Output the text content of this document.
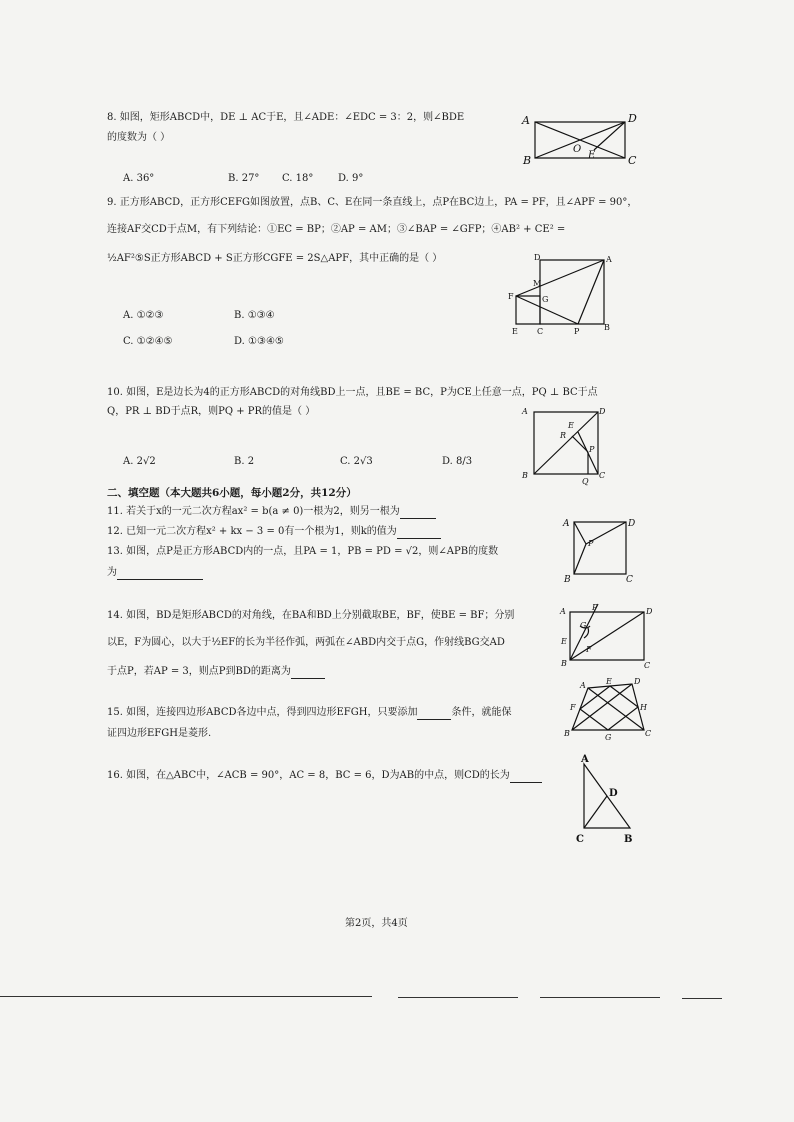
8. 如图，矩形ABCD中，DE ⊥ AC于E，且∠ADE：∠EDC = 3：2，则∠BDE
的度数为（ ）
A. 36°	B. 27° C. 18° D. 9°
A	D
B	C
O
E
9. 正方形ABCD，正方形CEFG如图放置，点B、C、E在同一条直线上，点P在BC边上，PA = PF，且∠APF = 90°，
连接AF交CD于点M，有下列结论：①EC = BP；②AP = AM；③∠BAP = ∠GFP；④AB² + CE² =
½AF²⑤S正方形ABCD + S正方形CGFE = 2S△APF，其中正确的是（ ）
A. ①②③	B. ①③④
C. ①②④⑤	D. ①③④⑤
D	A
M
F	G
E C	P	B
10. 如图，E是边长为4的正方形ABCD的对角线BD上一点，且BE = BC，P为CE上任意一点，PQ ⊥ BC于点
Q，PR ⊥ BD于点R，则PQ + PR的值是（ ）
A. 2√2	B. 2	C. 2√3	D. 8/3
A	D
E
R
P
B
Q
C
二、填空题（本大题共6小题，每小题2分，共12分）
11. 若关于x的一元二次方程ax² = b(a ≠ 0)一根为2，则另一根为
12. 已知一元二次方程x² + kx − 3 = 0有一个根为1，则k的值为
13. 如图，点P是正方形ABCD内的一点，且PA = 1，PB = PD = √2，则∠APB的度数
为
A	D
P
B	C
14. 如图，BD是矩形ABCD的对角线，在BA和BD上分别截取BE，BF，使BE = BF；分别
以E，F为圆心，以大于½EF的长为半径作弧，两弧在∠ABD内交于点G，作射线BG交AD
于点P，若AP = 3，则点P到BD的距离为
A	P	D
G
E
F
B	C
15. 如图，连接四边形ABCD各边中点，得到四边形EFGH，只要添加	条件，就能保
证四边形EFGH是菱形.
A	E	D
F	H
B	G	C
16. 如图，在△ABC中，∠ACB = 90°，AC = 8，BC = 6，D为AB的中点，则CD的长为
A
D
C	B
第2页，共4页
